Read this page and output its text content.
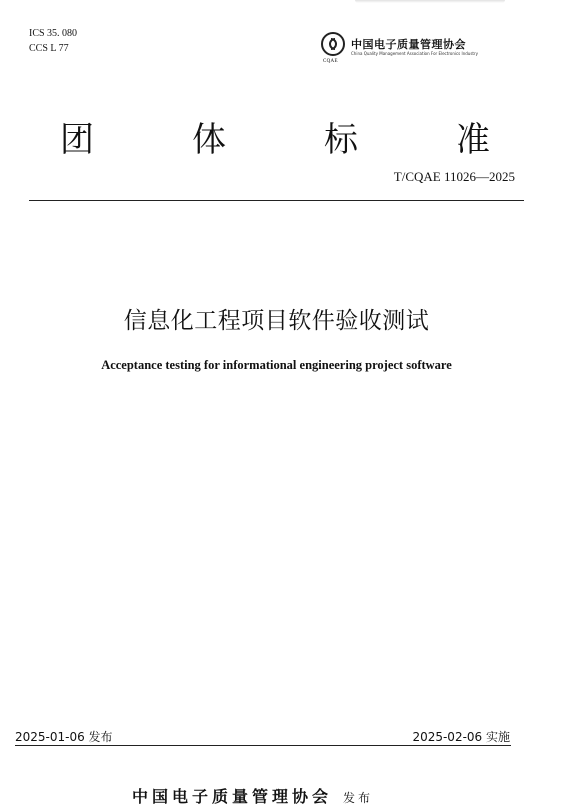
ICS 35. 080
CCS L 77
CQAE
中国电子质量管理协会
China Quality Management Association For Electronics Industry
团	体	标	准
T/CQAE 11026—2025
信息化工程项目软件验收测试
Acceptance testing for informational engineering project software
2025-01-06 发布	2025-02-06 实施
中国电子质量管理协会 发布
